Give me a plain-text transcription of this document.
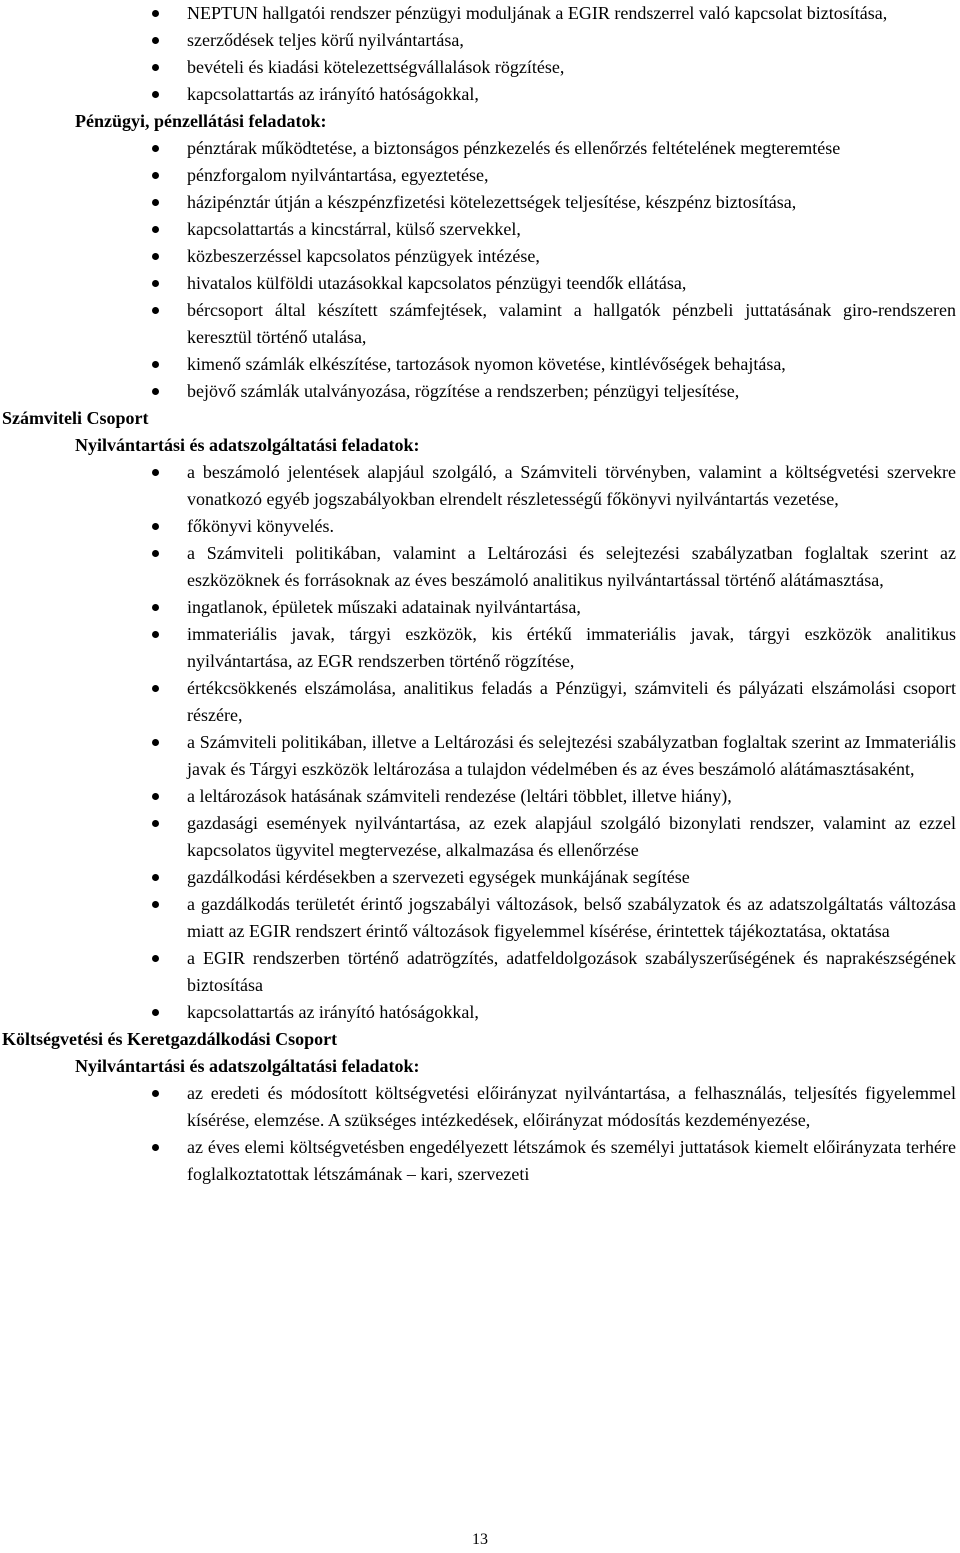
NEPTUN hallgatói rendszer pénzügyi moduljának a EGIR rendszerrel való kapcsolat biztosítása,
szerződések teljes körű nyilvántartása,
bevételi és kiadási kötelezettségvállalások rögzítése,
kapcsolattartás az irányító hatóságokkal,
Pénzügyi, pénzellátási feladatok:
pénztárak működtetése, a biztonságos pénzkezelés és ellenőrzés feltételének megteremtése
pénzforgalom nyilvántartása, egyeztetése,
házipénztár útján a készpénzfizetési kötelezettségek teljesítése, készpénz biztosítása,
kapcsolattartás a kincstárral, külső szervekkel,
közbeszerzéssel kapcsolatos pénzügyek intézése,
hivatalos külföldi utazásokkal kapcsolatos pénzügyi teendők ellátása,
bércsoport által készített számfejtések, valamint a hallgatók pénzbeli juttatásának giro-rendszeren keresztül történő utalása,
kimenő számlák elkészítése, tartozások nyomon követése, kintlévőségek behajtása,
bejövő számlák utalványozása, rögzítése a rendszerben; pénzügyi teljesítése,
Számviteli Csoport
Nyilvántartási és adatszolgáltatási feladatok:
a beszámoló jelentések alapjául szolgáló, a Számviteli törvényben, valamint a költségvetési szervekre vonatkozó egyéb jogszabályokban elrendelt részletességű főkönyvi nyilvántartás vezetése,
főkönyvi könyvelés.
a Számviteli politikában, valamint a Leltározási és selejtezési szabályzatban foglaltak szerint az eszközöknek és forrásoknak az éves beszámoló analitikus nyilvántartással történő alátámasztása,
ingatlanok, épületek műszaki adatainak nyilvántartása,
immateriális javak, tárgyi eszközök, kis értékű immateriális javak, tárgyi eszközök analitikus nyilvántartása, az EGR rendszerben történő rögzítése,
értékcsökkenés elszámolása, analitikus feladás a Pénzügyi, számviteli és pályázati elszámolási csoport részére,
a Számviteli politikában, illetve a Leltározási és selejtezési szabályzatban foglaltak szerint az Immateriális javak és Tárgyi eszközök leltározása a tulajdon védelmében és az éves beszámoló alátámasztásaként,
a leltározások hatásának számviteli rendezése (leltári többlet, illetve hiány),
gazdasági események nyilvántartása, az ezek alapjául szolgáló bizonylati rendszer, valamint az ezzel kapcsolatos ügyvitel megtervezése, alkalmazása és ellenőrzése
gazdálkodási kérdésekben a szervezeti egységek munkájának segítése
a gazdálkodás területét érintő jogszabályi változások, belső szabályzatok és az adatszolgáltatás változása miatt az EGIR rendszert érintő változások figyelemmel kísérése, érintettek tájékoztatása, oktatása
a EGIR rendszerben történő adatrögzítés, adatfeldolgozások szabályszerűségének és naprakészségének biztosítása
kapcsolattartás az irányító hatóságokkal,
Költségvetési és Keretgazdálkodási Csoport
Nyilvántartási és adatszolgáltatási feladatok:
az eredeti és módosított költségvetési előirányzat nyilvántartása, a felhasználás, teljesítés figyelemmel kísérése, elemzése. A szükséges intézkedések, előirányzat módosítás kezdeményezése,
az éves elemi költségvetésben engedélyezett létszámok és személyi juttatások kiemelt előirányzata terhére foglalkoztatottak létszámának – kari, szervezeti
13
